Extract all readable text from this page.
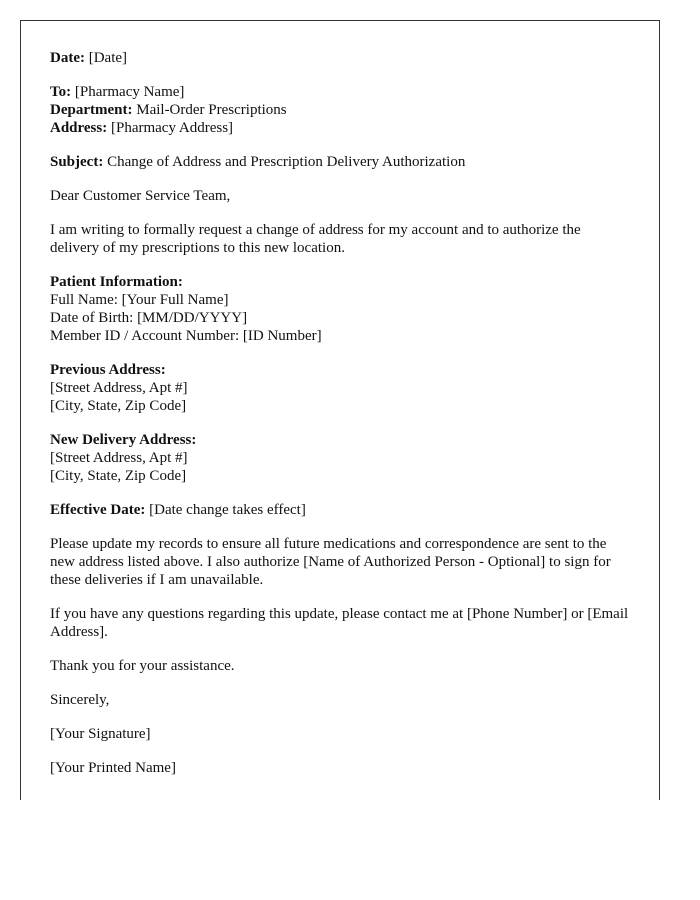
Date: [Date]
To: [Pharmacy Name]
Department: Mail-Order Prescriptions
Address: [Pharmacy Address]
Subject: Change of Address and Prescription Delivery Authorization
Dear Customer Service Team,
I am writing to formally request a change of address for my account and to authorize the delivery of my prescriptions to this new location.
Patient Information:
Full Name: [Your Full Name]
Date of Birth: [MM/DD/YYYY]
Member ID / Account Number: [ID Number]
Previous Address:
[Street Address, Apt #]
[City, State, Zip Code]
New Delivery Address:
[Street Address, Apt #]
[City, State, Zip Code]
Effective Date: [Date change takes effect]
Please update my records to ensure all future medications and correspondence are sent to the new address listed above. I also authorize [Name of Authorized Person - Optional] to sign for these deliveries if I am unavailable.
If you have any questions regarding this update, please contact me at [Phone Number] or [Email Address].
Thank you for your assistance.
Sincerely,
[Your Signature]
[Your Printed Name]
